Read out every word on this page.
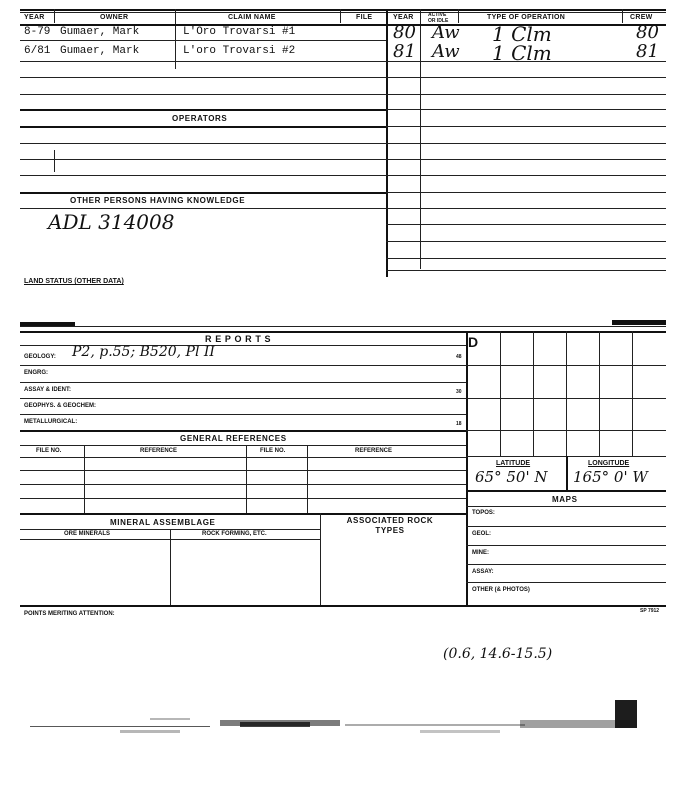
YEAR	OWNER	CLAIM NAME	FILE
8-79 Gumaer, Mark	L'Oro Trovarsi #1
6/81 Gumaer, Mark	L'oro Trovarsi #2
OPERATORS
OTHER PERSONS HAVING KNOWLEDGE
ADL 314008
YEAR	ACTIVE OR IDLE	TYPE OF OPERATION	CREW
80 Aw 1 Clm	80
81 Aw 1 Clm	81
LAND STATUS (OTHER DATA)
R E P O R T S
GEOLOGY: P2, p.55; B520, Pl II	48
ENGRG:
ASSAY & IDENT:	30
GEOPHYS. & GEOCHEM:
METALLURGICAL:	18
GENERAL REFERENCES
FILE NO.	REFERENCE	FILE NO.	REFERENCE
MINERAL ASSEMBLAGE	ASSOCIATED ROCK TYPES
ORE MINERALS	ROCK FORMING, ETC.
D
LATITUDE	LONGITUDE
65° 50' N 165° 0' W
MAPS
TOPOS:
GEOL:
MINE:
ASSAY:
OTHER (& PHOTOS)
POINTS MERITING ATTENTION:	SP 7912
(0.6, 14.6-15.5)
